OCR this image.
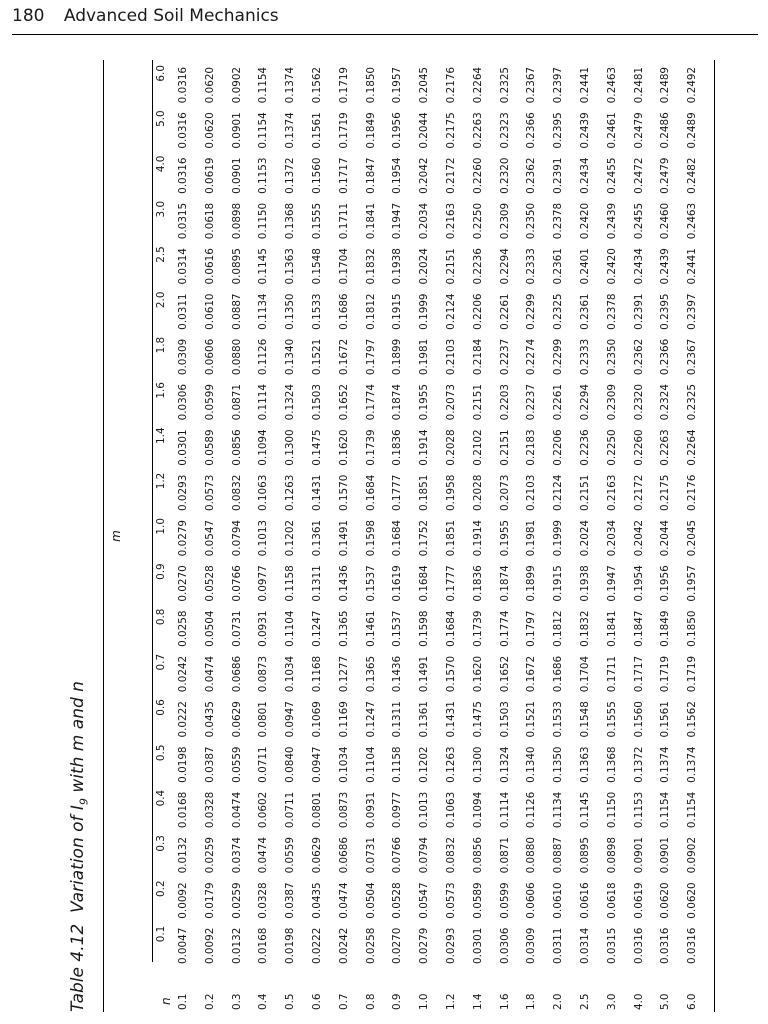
180 Advanced Soil Mechanics
Table 4.12  Variation of $I_9$ with m and n
m
n
0.1
0.2
0.3
0.4
0.5
0.6
0.7
0.8
0.9
1.0
1.2
1.4
1.6
1.8
2.0
2.5
3.0
4.0
5.0
6.0
0.1
0.0047
0.0092
0.0132
0.0168
0.0198
0.0222
0.0242
0.0258
0.0270
0.0279
0.0293
0.0301
0.0306
0.0309
0.0311
0.0314
0.0315
0.0316
0.0316
0.0316
0.2
0.0092
0.0179
0.0259
0.0328
0.0387
0.0435
0.0474
0.0504
0.0528
0.0547
0.0573
0.0589
0.0599
0.0606
0.0610
0.0616
0.0618
0.0619
0.0620
0.0620
0.3
0.0132
0.0259
0.0374
0.0474
0.0559
0.0629
0.0686
0.0731
0.0766
0.0794
0.0832
0.0856
0.0871
0.0880
0.0887
0.0895
0.0898
0.0901
0.0901
0.0902
0.4
0.0168
0.0328
0.0474
0.0602
0.0711
0.0801
0.0873
0.0931
0.0977
0.1013
0.1063
0.1094
0.1114
0.1126
0.1134
0.1145
0.1150
0.1153
0.1154
0.1154
0.5
0.0198
0.0387
0.0559
0.0711
0.0840
0.0947
0.1034
0.1104
0.1158
0.1202
0.1263
0.1300
0.1324
0.1340
0.1350
0.1363
0.1368
0.1372
0.1374
0.1374
0.6
0.0222
0.0435
0.0629
0.0801
0.0947
0.1069
0.1168
0.1247
0.1311
0.1361
0.1431
0.1475
0.1503
0.1521
0.1533
0.1548
0.1555
0.1560
0.1561
0.1562
0.7
0.0242
0.0474
0.0686
0.0873
0.1034
0.1169
0.1277
0.1365
0.1436
0.1491
0.1570
0.1620
0.1652
0.1672
0.1686
0.1704
0.1711
0.1717
0.1719
0.1719
0.8
0.0258
0.0504
0.0731
0.0931
0.1104
0.1247
0.1365
0.1461
0.1537
0.1598
0.1684
0.1739
0.1774
0.1797
0.1812
0.1832
0.1841
0.1847
0.1849
0.1850
0.9
0.0270
0.0528
0.0766
0.0977
0.1158
0.1311
0.1436
0.1537
0.1619
0.1684
0.1777
0.1836
0.1874
0.1899
0.1915
0.1938
0.1947
0.1954
0.1956
0.1957
1.0
0.0279
0.0547
0.0794
0.1013
0.1202
0.1361
0.1491
0.1598
0.1684
0.1752
0.1851
0.1914
0.1955
0.1981
0.1999
0.2024
0.2034
0.2042
0.2044
0.2045
1.2
0.0293
0.0573
0.0832
0.1063
0.1263
0.1431
0.1570
0.1684
0.1777
0.1851
0.1958
0.2028
0.2073
0.2103
0.2124
0.2151
0.2163
0.2172
0.2175
0.2176
1.4
0.0301
0.0589
0.0856
0.1094
0.1300
0.1475
0.1620
0.1739
0.1836
0.1914
0.2028
0.2102
0.2151
0.2184
0.2206
0.2236
0.2250
0.2260
0.2263
0.2264
1.6
0.0306
0.0599
0.0871
0.1114
0.1324
0.1503
0.1652
0.1774
0.1874
0.1955
0.2073
0.2151
0.2203
0.2237
0.2261
0.2294
0.2309
0.2320
0.2323
0.2325
1.8
0.0309
0.0606
0.0880
0.1126
0.1340
0.1521
0.1672
0.1797
0.1899
0.1981
0.2103
0.2183
0.2237
0.2274
0.2299
0.2333
0.2350
0.2362
0.2366
0.2367
2.0
0.0311
0.0610
0.0887
0.1134
0.1350
0.1533
0.1686
0.1812
0.1915
0.1999
0.2124
0.2206
0.2261
0.2299
0.2325
0.2361
0.2378
0.2391
0.2395
0.2397
2.5
0.0314
0.0616
0.0895
0.1145
0.1363
0.1548
0.1704
0.1832
0.1938
0.2024
0.2151
0.2236
0.2294
0.2333
0.2361
0.2401
0.2420
0.2434
0.2439
0.2441
3.0
0.0315
0.0618
0.0898
0.1150
0.1368
0.1555
0.1711
0.1841
0.1947
0.2034
0.2163
0.2250
0.2309
0.2350
0.2378
0.2420
0.2439
0.2455
0.2461
0.2463
4.0
0.0316
0.0619
0.0901
0.1153
0.1372
0.1560
0.1717
0.1847
0.1954
0.2042
0.2172
0.2260
0.2320
0.2362
0.2391
0.2434
0.2455
0.2472
0.2479
0.2481
5.0
0.0316
0.0620
0.0901
0.1154
0.1374
0.1561
0.1719
0.1849
0.1956
0.2044
0.2175
0.2263
0.2324
0.2366
0.2395
0.2439
0.2460
0.2479
0.2486
0.2489
6.0
0.0316
0.0620
0.0902
0.1154
0.1374
0.1562
0.1719
0.1850
0.1957
0.2045
0.2176
0.2264
0.2325
0.2367
0.2397
0.2441
0.2463
0.2482
0.2489
0.2492
